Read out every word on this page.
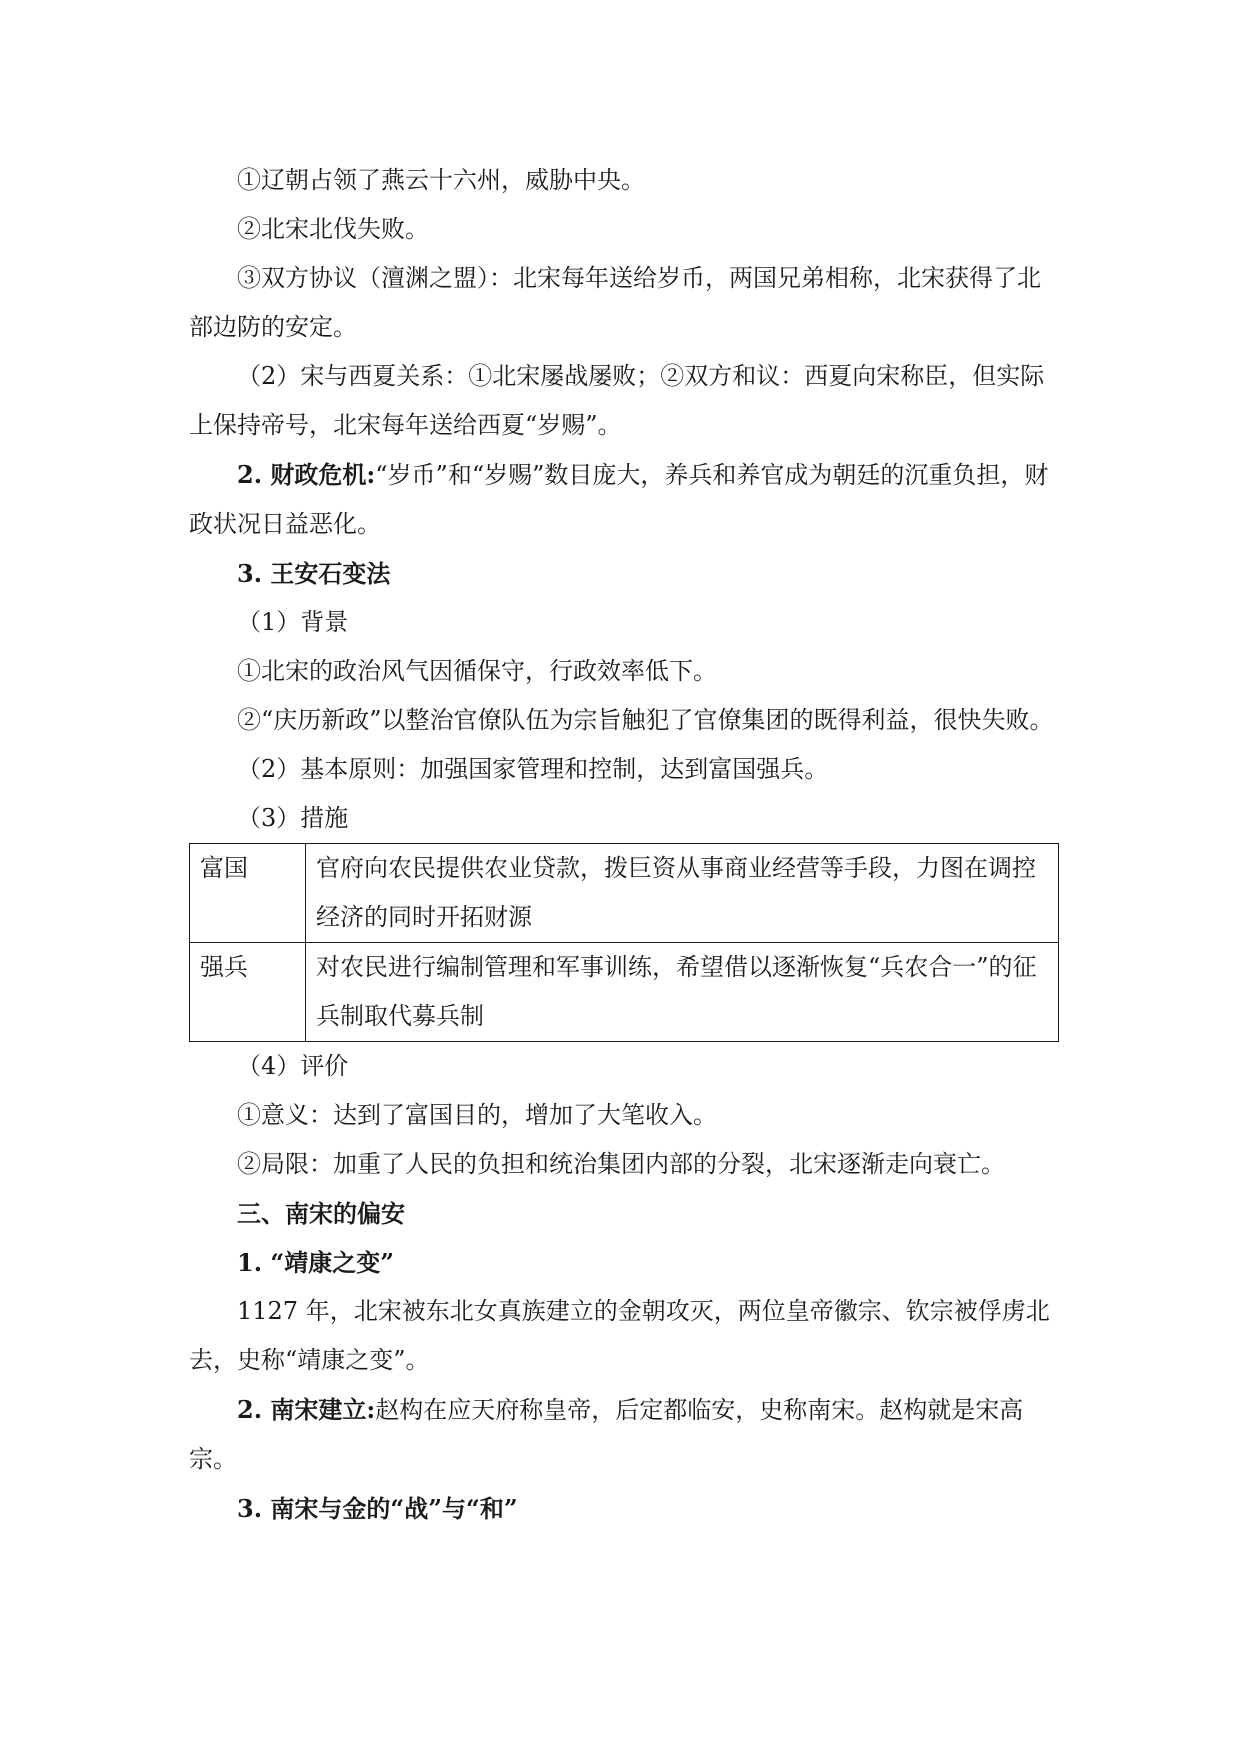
①辽朝占领了燕云十六州，威胁中央。

②北宋北伐失败。

③双方协议（澶渊之盟）：北宋每年送给岁币，两国兄弟相称，北宋获得了北部边防的安定。

（2）宋与西夏关系：①北宋屡战屡败；②双方和议：西夏向宋称臣，但实际上保持帝号，北宋每年送给西夏“岁赐”。

2. 财政危机:“岁币”和“岁赐”数目庞大，养兵和养官成为朝廷的沉重负担，财政状况日益恶化。

3. 王安石变法

（1）背景

①北宋的政治风气因循保守，行政效率低下。

②“庆历新政”以整治官僚队伍为宗旨触犯了官僚集团的既得利益，很快失败。

（2）基本原则：加强国家管理和控制，达到富国强兵。

（3）措施

富国	官府向农民提供农业贷款，拨巨资从事商业经营等手段，力图在调控经济的同时开拓财源
强兵	对农民进行编制管理和军事训练，希望借以逐渐恢复“兵农合一”的征兵制取代募兵制

（4）评价

①意义：达到了富国目的，增加了大笔收入。

②局限：加重了人民的负担和统治集团内部的分裂，北宋逐渐走向衰亡。

三、南宋的偏安

1. “靖康之变”

1127 年，北宋被东北女真族建立的金朝攻灭，两位皇帝徽宗、钦宗被俘虏北去，史称“靖康之变”。

2. 南宋建立:赵构在应天府称皇帝，后定都临安，史称南宋。赵构就是宋高宗。

3. 南宋与金的“战”与“和”
